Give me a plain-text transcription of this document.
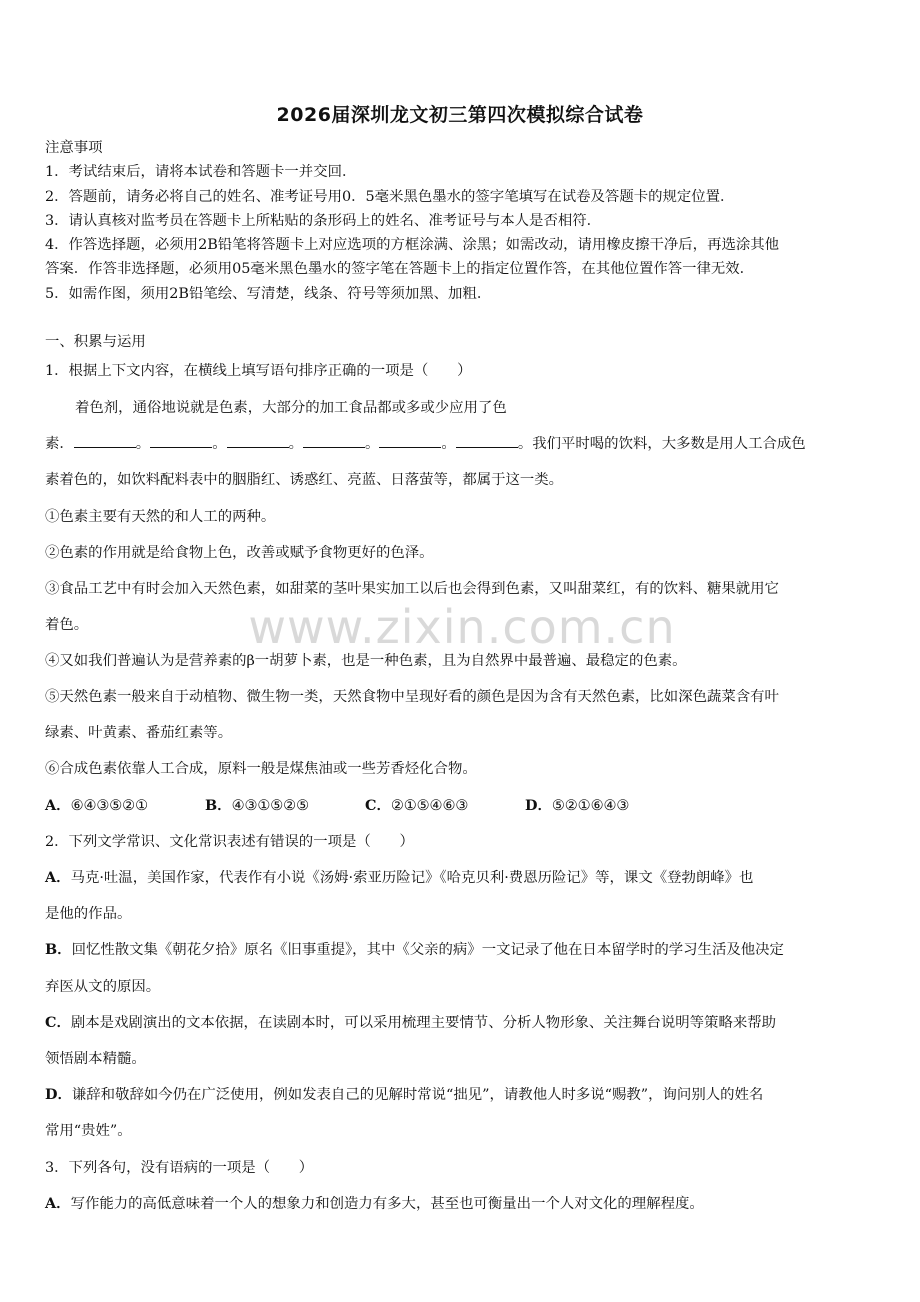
www.zixin.com.cn
2026届深圳龙文初三第四次模拟综合试卷
注意事项
1．考试结束后，请将本试卷和答题卡一并交回．
2．答题前，请务必将自己的姓名、准考证号用0．5毫米黑色墨水的签字笔填写在试卷及答题卡的规定位置．
3．请认真核对监考员在答题卡上所粘贴的条形码上的姓名、准考证号与本人是否相符．
4．作答选择题，必须用2B铅笔将答题卡上对应选项的方框涂满、涂黑；如需改动，请用橡皮擦干净后，再选涂其他
答案．作答非选择题，必须用05毫米黑色墨水的签字笔在答题卡上的指定位置作答，在其他位置作答一律无效．
5．如需作图，须用2B铅笔绘、写清楚，线条、符号等须加黑、加粗．
一、积累与运用
1．根据上下文内容，在横线上填写语句排序正确的一项是（　　）
着色剂，通俗地说就是色素，大部分的加工食品都或多或少应用了色
素．	。	。	。	。	。	。我们平时喝的饮料，大多数是用人工合成色
素着色的，如饮料配料表中的胭脂红、诱惑红、亮蓝、日落萤等，都属于这一类。
①色素主要有天然的和人工的两种。
②色素的作用就是给食物上色，改善或赋予食物更好的色泽。
③食品工艺中有时会加入天然色素，如甜菜的茎叶果实加工以后也会得到色素，又叫甜菜红，有的饮料、糖果就用它
着色。
④又如我们普遍认为是营养素的β一胡萝卜素，也是一种色素，且为自然界中最普遍、最稳定的色素。
⑤天然色素一般来自于动植物、微生物一类，天然食物中呈现好看的颜色是因为含有天然色素，比如深色蔬菜含有叶
绿素、叶黄素、番茄红素等。
⑥合成色素依靠人工合成，原料一般是煤焦油或一些芳香烃化合物。
A．⑥④③⑤②①	B．④③①⑤②⑤	C．②①⑤④⑥③	D．⑤②①⑥④③
2．下列文学常识、文化常识表述有错误的一项是（　　）
A．马克·吐温，美国作家，代表作有小说《汤姆·索亚历险记》《哈克贝利·费恩历险记》等，课文《登勃朗峰》也
是他的作品。
B．回忆性散文集《朝花夕拾》原名《旧事重提》，其中《父亲的病》一文记录了他在日本留学时的学习生活及他决定
弃医从文的原因。
C．剧本是戏剧演出的文本依据，在读剧本时，可以采用梳理主要情节、分析人物形象、关注舞台说明等策略来帮助
领悟剧本精髓。
D．谦辞和敬辞如今仍在广泛使用，例如发表自己的见解时常说“拙见”，请教他人时多说“赐教”，询问别人的姓名
常用“贵姓”。
3．下列各句，没有语病的一项是（　　）
A．写作能力的高低意味着一个人的想象力和创造力有多大，甚至也可衡量出一个人对文化的理解程度。
